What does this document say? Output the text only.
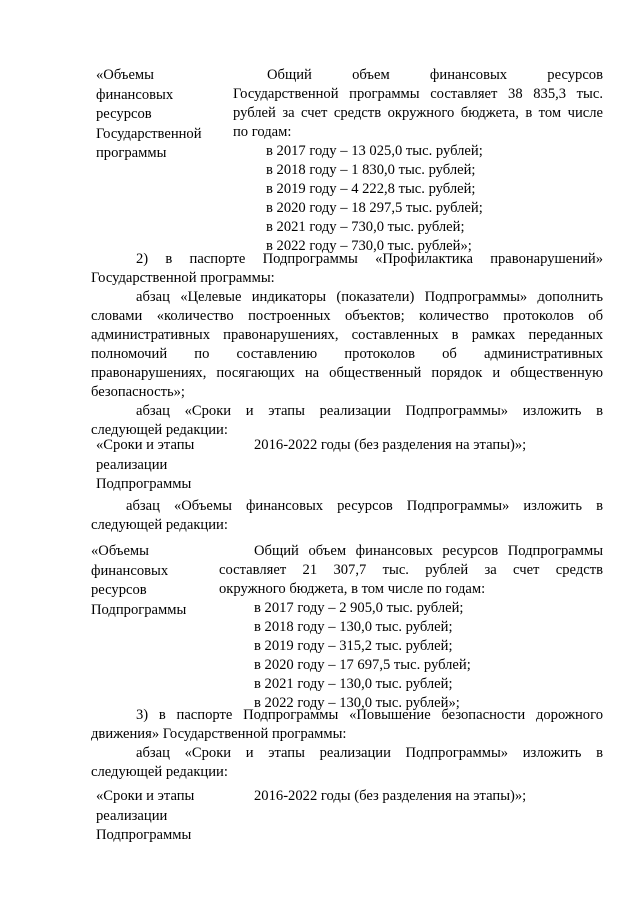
«Объемы
финансовых
ресурсов
Государственной
программы
Общий объем финансовых ресурсов
Государственной программы составляет 38 835,3 тыс.
рублей за счет средств окружного бюджета, в том числе
по годам:
в 2017 году – 13 025,0 тыс. рублей;
в 2018 году – 1 830,0 тыс. рублей;
в 2019 году – 4 222,8 тыс. рублей;
в 2020 году – 18 297,5 тыс. рублей;
в 2021 году – 730,0 тыс. рублей;
в 2022 году – 730,0 тыс. рублей»;
2) в паспорте Подпрограммы «Профилактика правонарушений»
Государственной программы:
абзац «Целевые индикаторы (показатели) Подпрограммы» дополнить
словами «количество построенных объектов; количество протоколов об
административных правонарушениях, составленных в рамках переданных
полномочий по составлению протоколов об административных
правонарушениях, посягающих на общественный порядок и общественную
безопасность»;
абзац «Сроки и этапы реализации Подпрограммы» изложить в
следующей редакции:
«Сроки и этапы
реализации
Подпрограммы
2016-2022 годы (без разделения на этапы)»;
абзац «Объемы финансовых ресурсов Подпрограммы» изложить в
следующей редакции:
«Объемы
финансовых
ресурсов
Подпрограммы
Общий объем финансовых ресурсов Подпрограммы
составляет 21 307,7 тыс. рублей за счет средств
окружного бюджета, в том числе по годам:
в 2017 году – 2 905,0 тыс. рублей;
в 2018 году – 130,0 тыс. рублей;
в 2019 году – 315,2 тыс. рублей;
в 2020 году – 17 697,5 тыс. рублей;
в 2021 году – 130,0 тыс. рублей;
в 2022 году – 130,0 тыс. рублей»;
3) в паспорте Подпрограммы «Повышение безопасности дорожного
движения» Государственной программы:
абзац «Сроки и этапы реализации Подпрограммы» изложить в
следующей редакции:
«Сроки и этапы
реализации
Подпрограммы
2016-2022 годы (без разделения на этапы)»;
